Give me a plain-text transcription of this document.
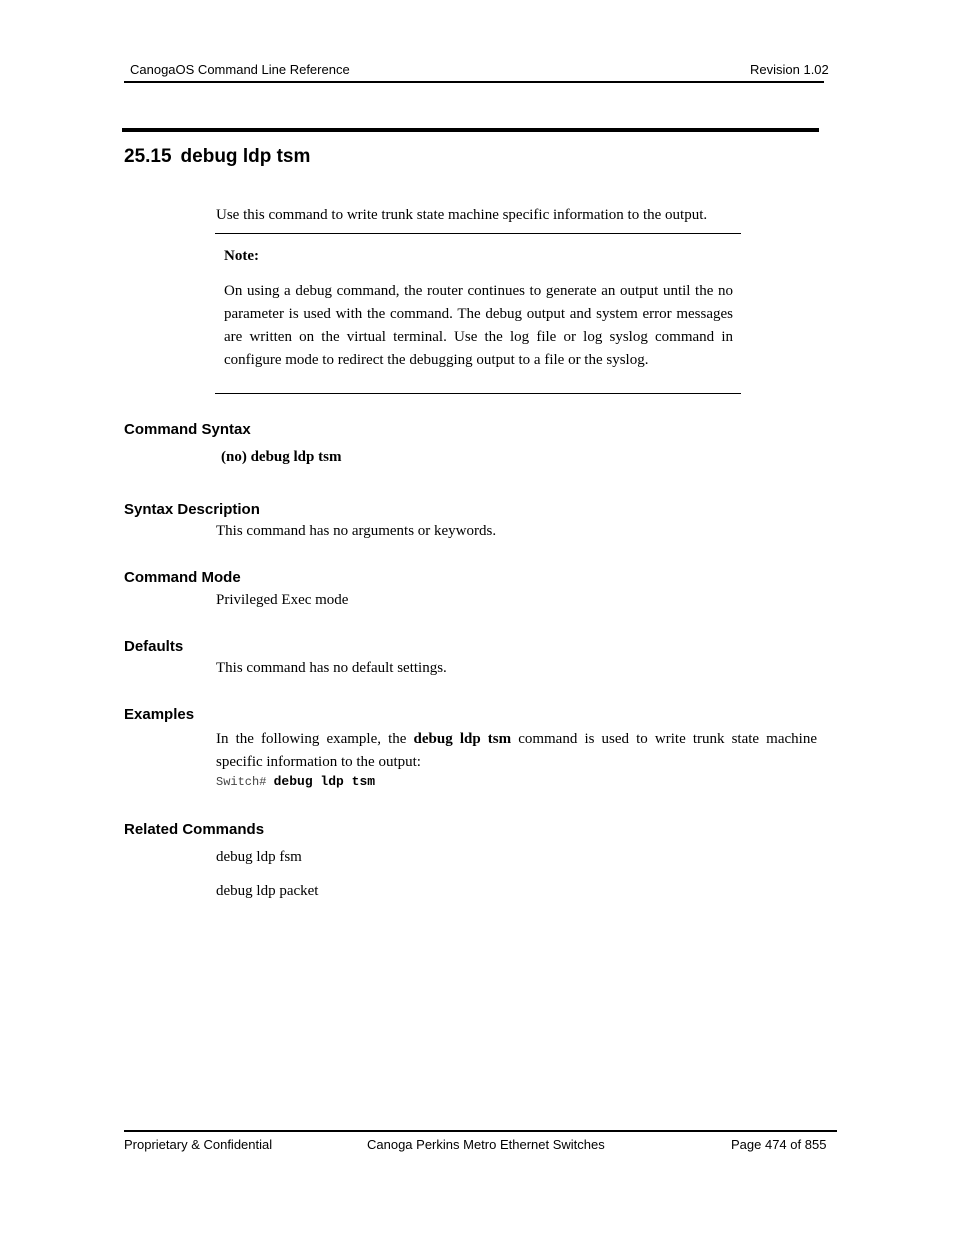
CanogaOS Command Line Reference	Revision 1.02
25.15 debug ldp tsm
Use this command to write trunk state machine specific information to the output.
Note:
On using a debug command, the router continues to generate an output until the no parameter is used with the command. The debug output and system error messages are written on the virtual terminal. Use the log file or log syslog command in configure mode to redirect the debugging output to a file or the syslog.
Command Syntax
(no) debug ldp tsm
Syntax Description
This command has no arguments or keywords.
Command Mode
Privileged Exec mode
Defaults
This command has no default settings.
Examples
In the following example, the debug ldp tsm command is used to write trunk state machine specific information to the output:
Switch# debug ldp tsm
Related Commands
debug ldp fsm
debug ldp packet
Proprietary & Confidential	Canoga Perkins Metro Ethernet Switches	Page 474 of 855
